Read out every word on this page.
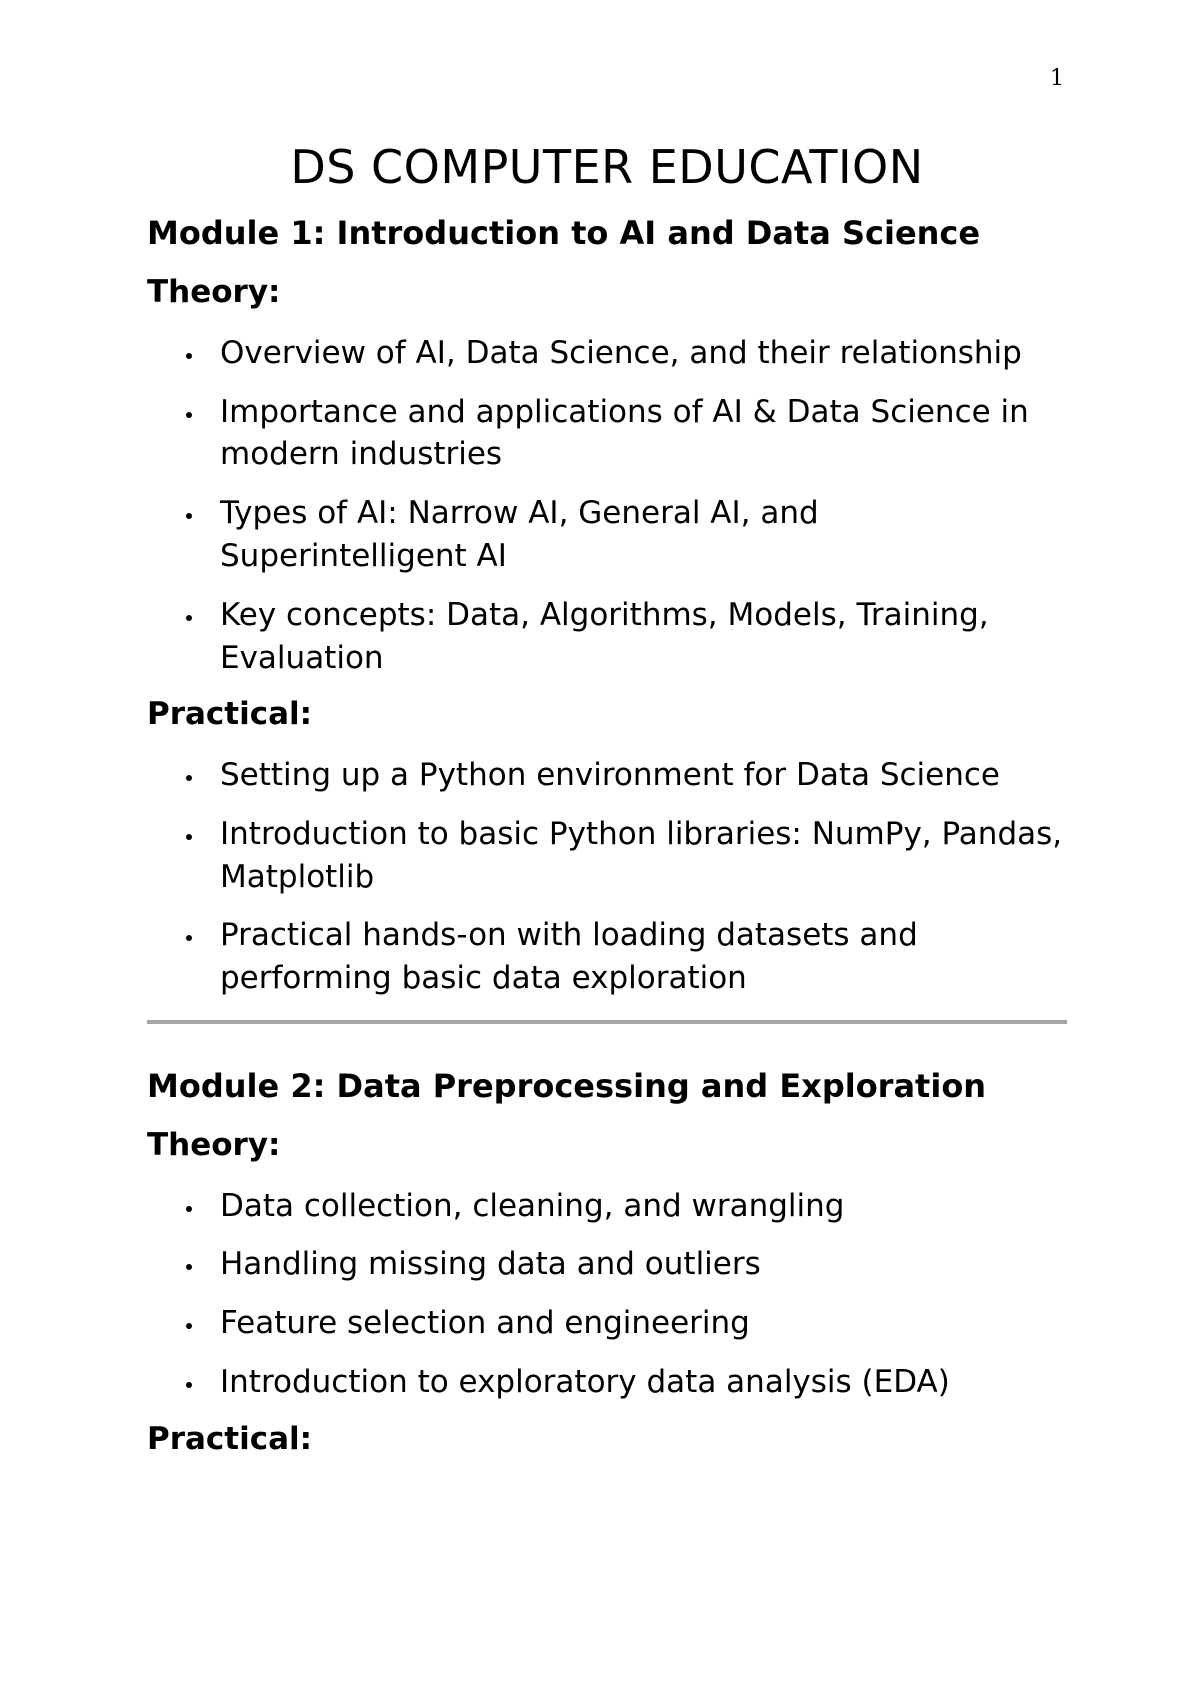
1
DS COMPUTER EDUCATION
Module 1: Introduction to AI and Data Science
Theory:
Overview of AI, Data Science, and their relationship
Importance and applications of AI & Data Science in modern industries
Types of AI: Narrow AI, General AI, and Superintelligent AI
Key concepts: Data, Algorithms, Models, Training, Evaluation
Practical:
Setting up a Python environment for Data Science
Introduction to basic Python libraries: NumPy, Pandas, Matplotlib
Practical hands-on with loading datasets and performing basic data exploration
Module 2: Data Preprocessing and Exploration
Theory:
Data collection, cleaning, and wrangling
Handling missing data and outliers
Feature selection and engineering
Introduction to exploratory data analysis (EDA)
Practical:
